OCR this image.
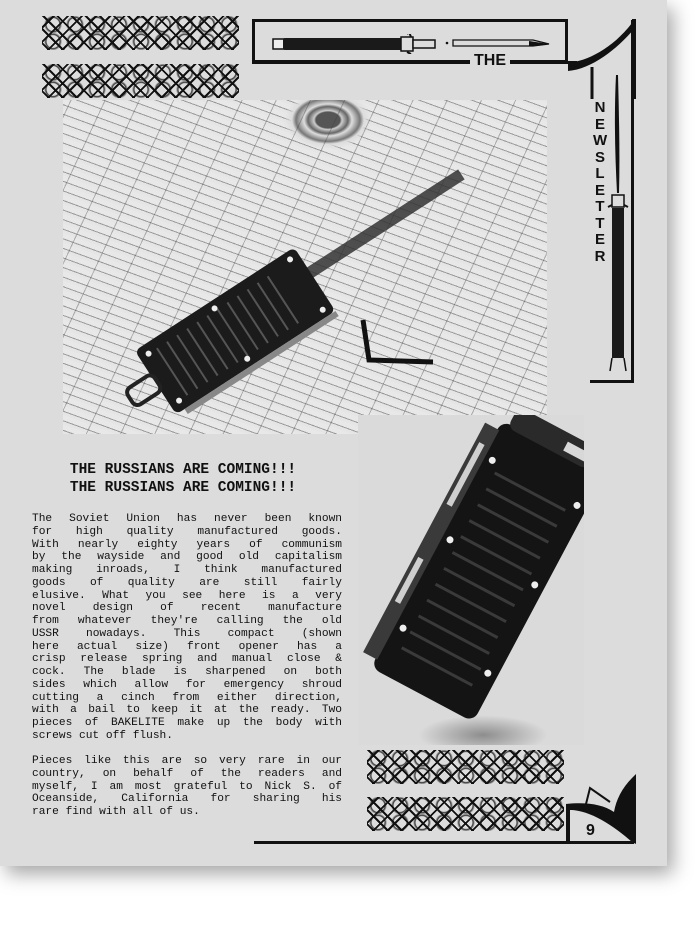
THE
N
E
W
S
L
E
T
T
E
R
THE RUSSIANS ARE COMING!!!
THE RUSSIANS ARE COMING!!!
The Soviet Union has never been known
for high quality manufactured goods.
With nearly eighty years of communism
by the wayside and good old capitalism
making inroads, I think manufactured
goods of quality are still fairly
elusive. What you see here is a very
novel design of recent manufacture
from whatever they're calling the old
USSR nowadays. This compact (shown
here actual size) front opener has a
crisp release spring and manual close &
cock. The blade is sharpened on both
sides which allow for emergency shroud
cutting a cinch from either direction,
with a bail to keep it at the ready. Two
pieces of BAKELITE make up the body with
screws cut off flush.
Pieces like this are so very rare in our
country, on behalf of the readers and
myself, I am most grateful to Nick S. of
Oceanside, California for sharing his
rare find with all of us.
9
